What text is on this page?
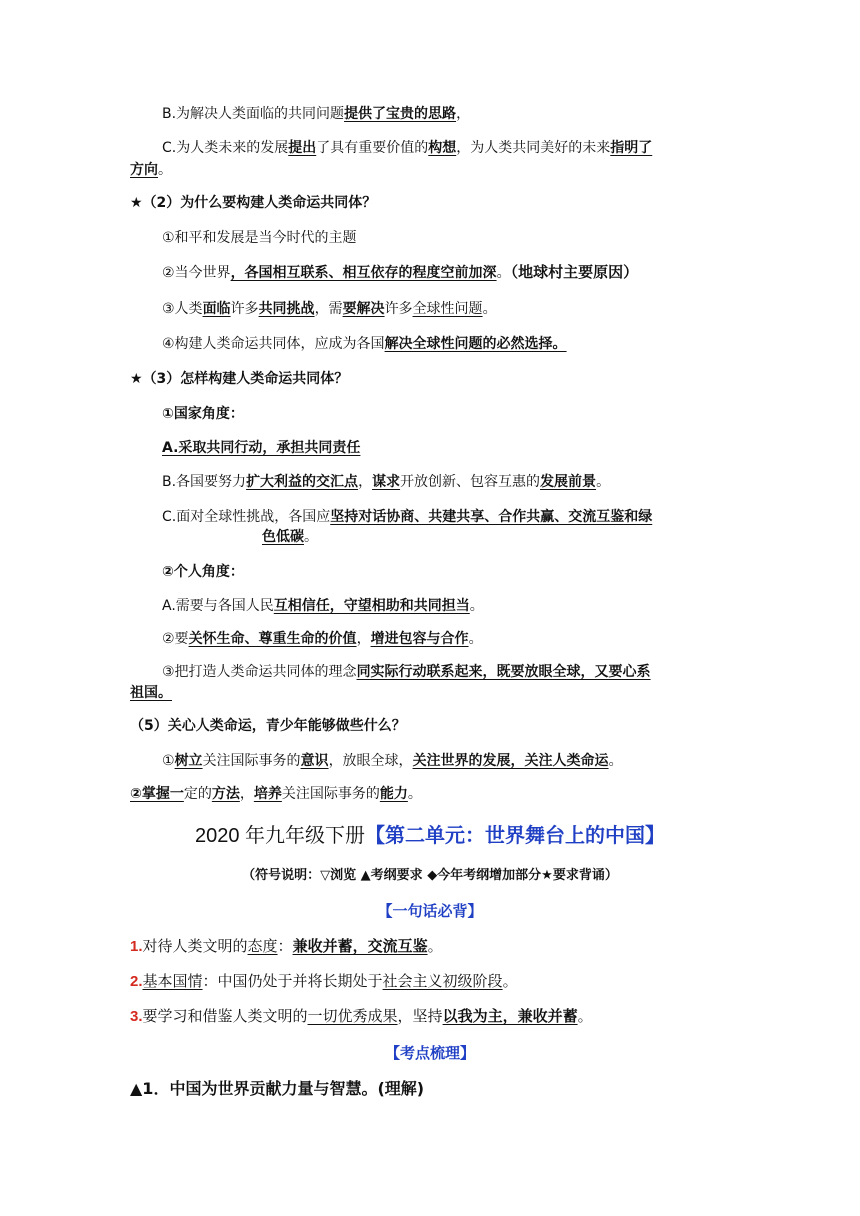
B.为解决人类面临的共同问题提供了宝贵的思路，
C.为人类未来的发展提出了具有重要价值的构想，为人类共同美好的未来指明了
方向。
★（2）为什么要构建人类命运共同体？
①和平和发展是当今时代的主题
②当今世界，各国相互联系、相互依存的程度空前加深。（地球村主要原因）
③人类面临许多共同挑战，需要解决许多全球性问题。
④构建人类命运共同体，应成为各国解决全球性问题的必然选择。
★（3）怎样构建人类命运共同体？
①国家角度：
A.采取共同行动，承担共同责任
B.各国要努力扩大利益的交汇点，谋求开放创新、包容互惠的发展前景。
C.面对全球性挑战，各国应坚持对话协商、共建共享、合作共赢、交流互鉴和绿
色低碳。
②个人角度：
A.需要与各国人民互相信任，守望相助和共同担当。
②要关怀生命、尊重生命的价值，增进包容与合作。
③把打造人类命运共同体的理念同实际行动联系起来，既要放眼全球，又要心系
祖国。
（5）关心人类命运，青少年能够做些什么？
①树立关注国际事务的意识，放眼全球，关注世界的发展，关注人类命运。
②掌握一定的方法，培养关注国际事务的能力。
2020 年九年级下册【第二单元：世界舞台上的中国】
（符号说明：▽浏览 ▲考纲要求 ◆今年考纲增加部分★要求背诵）
【一句话必背】
1.对待人类文明的态度：兼收并蓄，交流互鉴。
2.基本国情：中国仍处于并将长期处于社会主义初级阶段。
3.要学习和借鉴人类文明的一切优秀成果，坚持以我为主，兼收并蓄。
【考点梳理】
▲1．中国为世界贡献力量与智慧。(理解)
